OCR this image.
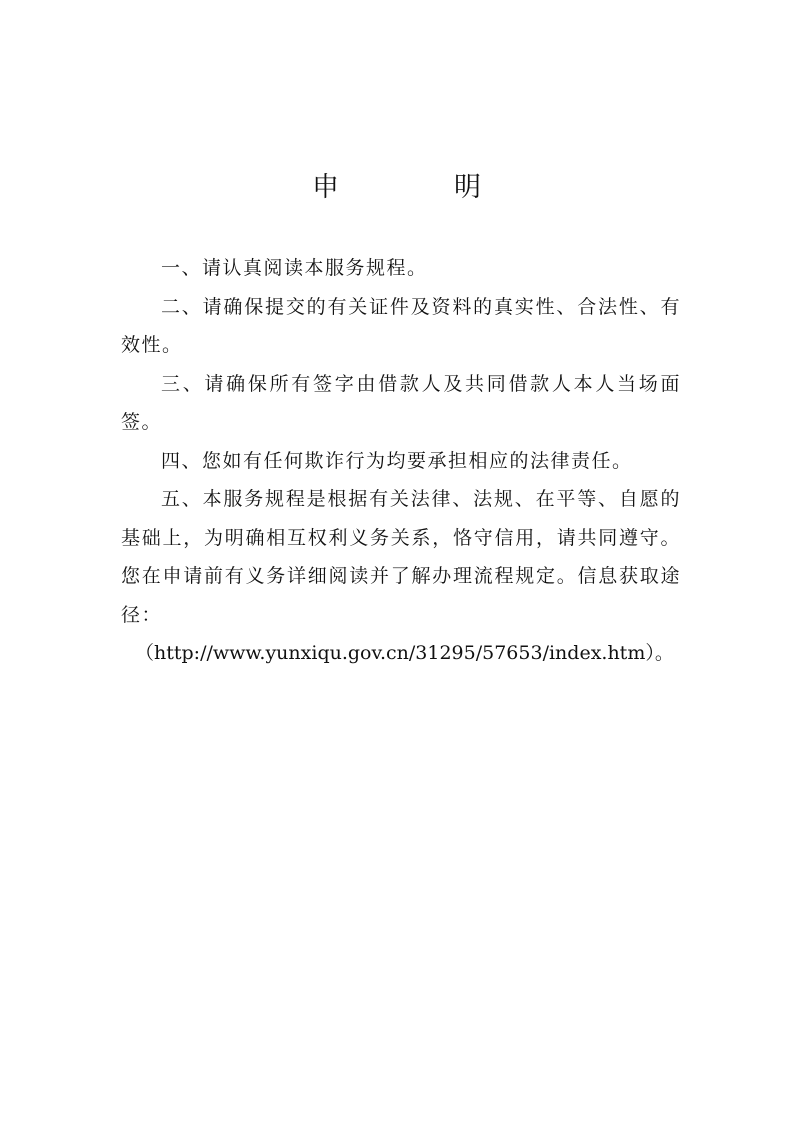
申　明

一、请认真阅读本服务规程。

二、请确保提交的有关证件及资料的真实性、合法性、有效性。

三、请确保所有签字由借款人及共同借款人本人当场面签。

四、您如有任何欺诈行为均要承担相应的法律责任。

五、本服务规程是根据有关法律、法规、在平等、自愿的基础上，为明确相互权利义务关系，恪守信用，请共同遵守。您在申请前有义务详细阅读并了解办理流程规定。信息获取途径：

（http://www.yunxiqu.gov.cn/31295/57653/index.htm）。
